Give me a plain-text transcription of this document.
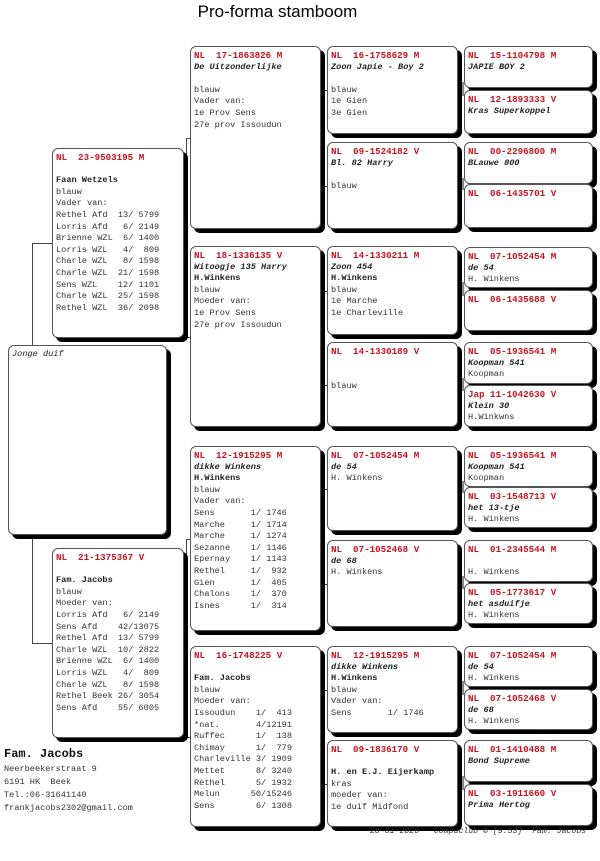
Pro-forma stamboom
Jonge duif
NL  23-9503195 M
Faan Wetzels
blauw
Vader van:
Rethel Afd  13/ 5799
Lorris Afd   6/ 2149
Brienne WZL  6/ 1400
Lorris WZL   4/  809
Charle WZL   8/ 1598
Charle WZL  21/ 1598
Sens WZL    12/ 1101
Charle WZL  25/ 1598
Rethel WZL  36/ 2098
NL  21-1375367 V
Fam. Jacobs
blauw
Moeder van:
Lorris Afd   6/ 2149
Sens Afd    42/13075
Rethel Afd  13/ 5799
Charle WZL  10/ 2822
Brienne WZL  6/ 1400
Lorris WZL   4/  809
Charle WZL   8/ 1598
Rethel Beek 26/ 3054
Sens Afd    55/ 6005
NL  17-1863826 M
De Uitzonderlijke
blauw
Vader van:
1e Prov Sens
27e prov Issoudun
NL  18-1336135 V
Witoogje 135 Harry
H.Winkens
blauw
Moeder van:
1e Prov Sens
27e prov Issoudun
NL  12-1915295 M
dikke Winkens
H.Winkens
blauw
Vader van:
Sens       1/ 1746
Marche     1/ 1714
Marche     1/ 1274
Sezanne    1/ 1146
Epernay    1/ 1143
Rethel     1/  932
Gien       1/  405
Chalons    1/  370
Isnes      1/  314
NL  16-1748225 V
Fam. Jacobs
blauw
Moeder van:
Issoudun    1/  413
*nat.       4/12191
Ruffec      1/  138
Chimay      1/  779
Charleville 3/ 1909
Mettet      8/ 3240
Rethel      5/ 1932
Melun      50/15246
Sens        6/ 1308
NL  16-1758629 M
Zoon Japie - Boy 2
blauw
1e Gien
3e Gien
NL  09-1524182 V
Bl. 82 Harry
blauw
NL  14-1330211 M
Zoon 454
H.Winkens
blauw
1e Marche
1e Charleville
NL  14-1330189 V
blauw
NL  07-1052454 M
de 54
H. Winkens
NL  07-1052468 V
de 68
H. Winkens
NL  12-1915295 M
dikke Winkens
H.Winkens
blauw
Vader van:
Sens       1/ 1746
NL  09-1836170 V
H. en E.J. Eijerkamp
kras
moeder van:
1e duif Midfond
NL  15-1104798 M
JAPIE BOY 2
NL  12-1893333 V
Kras Superkoppel
NL  00-2296800 M
BLauwe 800
NL  06-1435701 V
NL  07-1052454 M
de 54
H. Winkens
NL  06-1435688 V
NL  05-1936541 M
Koopman 541
Koopman
Jap 11-1042630 V
Klein 30
H.Winkwns
NL  05-1936541 M
Koopman 541
Koopman
NL  03-1548713 V
het 13-tje
H. Winkens
NL  01-2345544 M
H. Winkens
NL  05-1773617 V
het asduifje
H. Winkens
NL  07-1052454 M
de 54
H. Winkens
NL  07-1052468 V
de 68
H. Winkens
NL  01-1410488 M
Bond Supreme
NL  03-1911660 V
Prima Hertog
Fam. Jacobs
Neerbeekerstraat 9
6191 HK  Beek
Tel.:06-31641140
frankjacobs2302@gmail.com
28-01-2026   Compuclub © [9.53]  Fam. Jacobs
